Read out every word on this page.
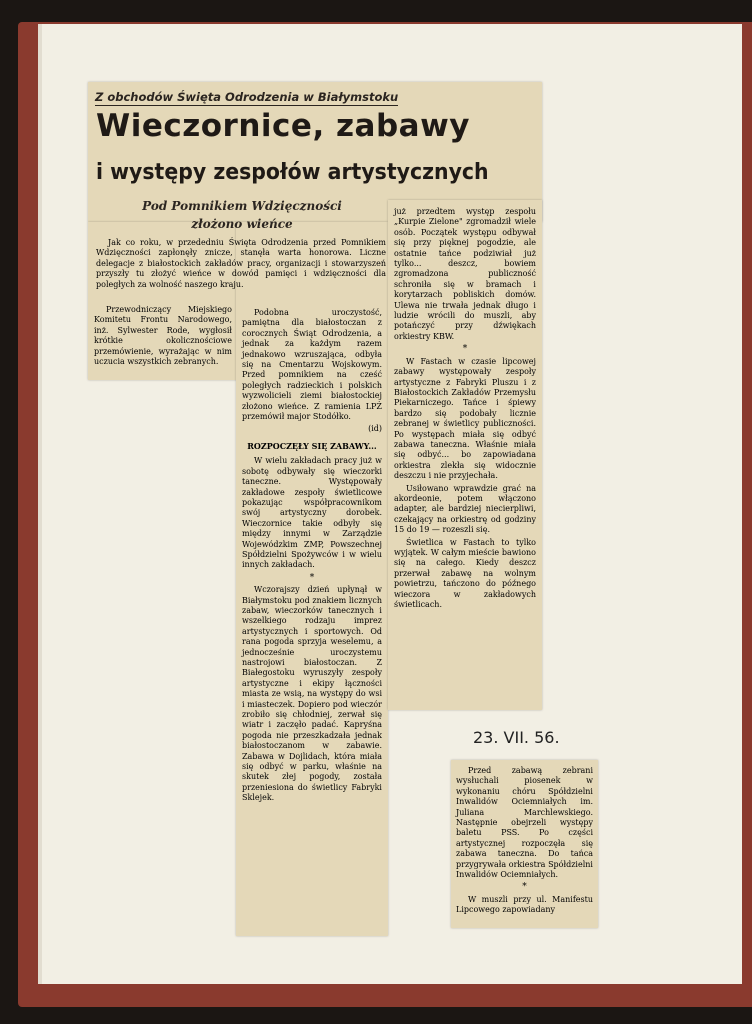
Z obchodów Święta Odrodzenia w Białymstoku
Wieczornice, zabawy
i występy zespołów artystycznych
Pod Pomnikiem Wdzięczności
złożono wieńce

Jak co roku, w przededniu Święta Odrodzenia przed Pomnikiem Wdzięczności zapłonęły znicze, stanęła warta honorowa. Liczne delegacje z białostockich zakładów pracy, organizacji i stowarzyszeń przyszły tu złożyć wieńce w dowód pamięci i wdzięczności dla poległych za wolność naszego kraju.

Przewodniczący Miejskiego Komitetu Frontu Narodowego, inż. Sylwester Rode, wygłosił krótkie okolicznościowe przemówienie, wyrażając w nim uczucia wszystkich zebranych.

Podobna uroczystość, pamiętna dla białostoczan z corocznych Świąt Odrodzenia, a jednak za każdym razem jednakowo wzruszająca, odbyła się na Cmentarzu Wojskowym. Przed pomnikiem na cześć poległych radzieckich i polskich wyzwolicieli ziemi białostockiej złożono wieńce. Z ramienia LPŻ przemówił major Stodółko.

(id)

ROZPOCZĘŁY SIĘ ZABAWY...

W wielu zakładach pracy już w sobotę odbywały się wieczorki taneczne. Występowały zakładowe zespoły świetlicowe pokazując współpracownikom swój artystyczny dorobek. Wieczornice takie odbyły się między innymi w Zarządzie Wojewódzkim ZMP, Powszechnej Spółdzielni Spożywców i w wielu innych zakładach.

*

Wczorajszy dzień upłynął w Białymstoku pod znakiem licznych zabaw, wieczorków tanecznych i wszelkiego rodzaju imprez artystycznych i sportowych. Od rana pogoda sprzyja weselemu, a jednocześnie uroczystemu nastrojowi białostoczan. Z Białegostoku wyruszyły zespoły artystyczne i ekipy łączności miasta ze wsią, na występy do wsi i miasteczek. Dopiero pod wieczór zrobiło się chłodniej, zerwał się wiatr i zaczęło padać. Kapryśna pogoda nie przeszkadzała jednak białostoczanom w zabawie. Zabawa w Dojlidach, która miała się odbyć w parku, właśnie na skutek złej pogody, została przeniesiona do świetlicy Fabryki Sklejek.

już przedtem występ zespołu „Kurpie Zielone" zgromadził wiele osób. Początek występu odbywał się przy pięknej pogodzie, ale ostatnie tańce podziwiał już tylko... deszcz, bowiem zgromadzona publiczność schroniła się w bramach i korytarzach pobliskich domów. Ulewa nie trwała jednak długo i ludzie wrócili do muszli, aby potańczyć przy dźwiękach orkiestry KBW.

*

W Fastach w czasie lipcowej zabawy występowały zespoły artystyczne z Fabryki Pluszu i z Białostockich Zakładów Przemysłu Piekarniczego. Tańce i śpiewy bardzo się podobały licznie zebranej w świetlicy publiczności. Po występach miała się odbyć zabawa taneczna. Właśnie miała się odbyć... bo zapowiadana orkiestra zlekła się widocznie deszczu i nie przyjechała.

Usiłowano wprawdzie grać na akordeonie, potem włączono adapter, ale bardziej niecierpliwi, czekający na orkiestrę od godziny 15 do 19 — rozeszli się.

Świetlica w Fastach to tylko wyjątek. W całym mieście bawiono się na całego. Kiedy deszcz przerwał zabawę na wolnym powietrzu, tańczono do późnego wieczora w zakładowych świetlicach.

Przed zabawą zebrani wysłuchali piosenek w wykonaniu chóru Spółdzielni Inwalidów Ociemniałych im. Juliana Marchlewskiego. Następnie obejrzeli występy baletu PSS. Po części artystycznej rozpoczęła się zabawa taneczna. Do tańca przygrywała orkiestra Spółdzielni Inwalidów Ociemniałych.

*

W muszli przy ul. Manifestu Lipcowego zapowiadany

23. VII. 56.
